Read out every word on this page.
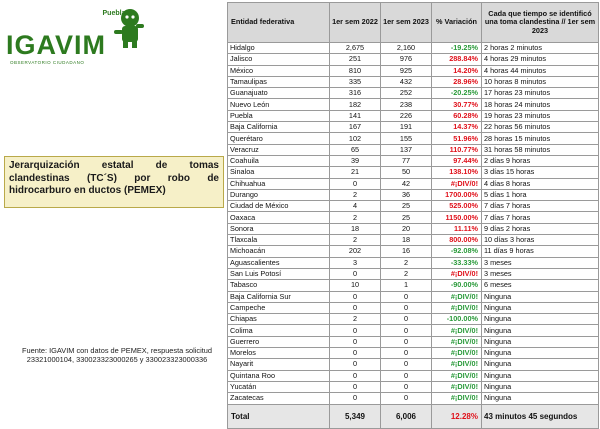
Puebla
IGAVIM
OBSERVATORIO CIUDADANO

Jerarquización estatal de tomas clandestinas (TC´S) por robo de hidrocarburo en ductos (PEMEX)

Fuente: IGAVIM con datos de PEMEX, respuesta solicitud 23321000104, 330023323000265 y 330023323000336
Entidad federativa	1er sem 2022	1er sem 2023	% Variación	Cada que tiempo se identificó una toma clandestina // 1er sem 2023
Hidalgo	2,675	2,160	-19.25%	2 horas 2 minutos
Jalisco	251	976	288.84%	4 horas 29 minutos
México	810	925	14.20%	4 horas 44 minutos
Tamaulipas	335	432	28.96%	10 horas 8 minutos
Guanajuato	316	252	-20.25%	17 horas 23 minutos
Nuevo León	182	238	30.77%	18 horas 24 minutos
Puebla	141	226	60.28%	19 horas 23 minutos
Baja California	167	191	14.37%	22 horas 56 minutos
Querétaro	102	155	51.96%	28 horas 15 minutos
Veracruz	65	137	110.77%	31 horas 58 minutos
Coahuila	39	77	97.44%	2 días 9 horas
Sinaloa	21	50	138.10%	3 días 15 horas
Chihuahua	0	42	#¡DIV/0!	4 días 8 horas
Durango	2	36	1700.00%	5 días 1 hora
Ciudad de México	4	25	525.00%	7 días 7 horas
Oaxaca	2	25	1150.00%	7 días 7 horas
Sonora	18	20	11.11%	9 días 2 horas
Tlaxcala	2	18	800.00%	10 días 3 horas
Michoacán	202	16	-92.08%	11 días 9 horas
Aguascalientes	3	2	-33.33%	3 meses
San Luis Potosí	0	2	#¡DIV/0!	3 meses
Tabasco	10	1	-90.00%	6 meses
Baja California Sur	0	0	#¡DIV/0!	Ninguna
Campeche	0	0	#¡DIV/0!	Ninguna
Chiapas	2	0	-100.00%	Ninguna
Colima	0	0	#¡DIV/0!	Ninguna
Guerrero	0	0	#¡DIV/0!	Ninguna
Morelos	0	0	#¡DIV/0!	Ninguna
Nayarit	0	0	#¡DIV/0!	Ninguna
Quintana Roo	0	0	#¡DIV/0!	Ninguna
Yucatán	0	0	#¡DIV/0!	Ninguna
Zacatecas	0	0	#¡DIV/0!	Ninguna
Total	5,349	6,006	12.28%	43 minutos 45 segundos
